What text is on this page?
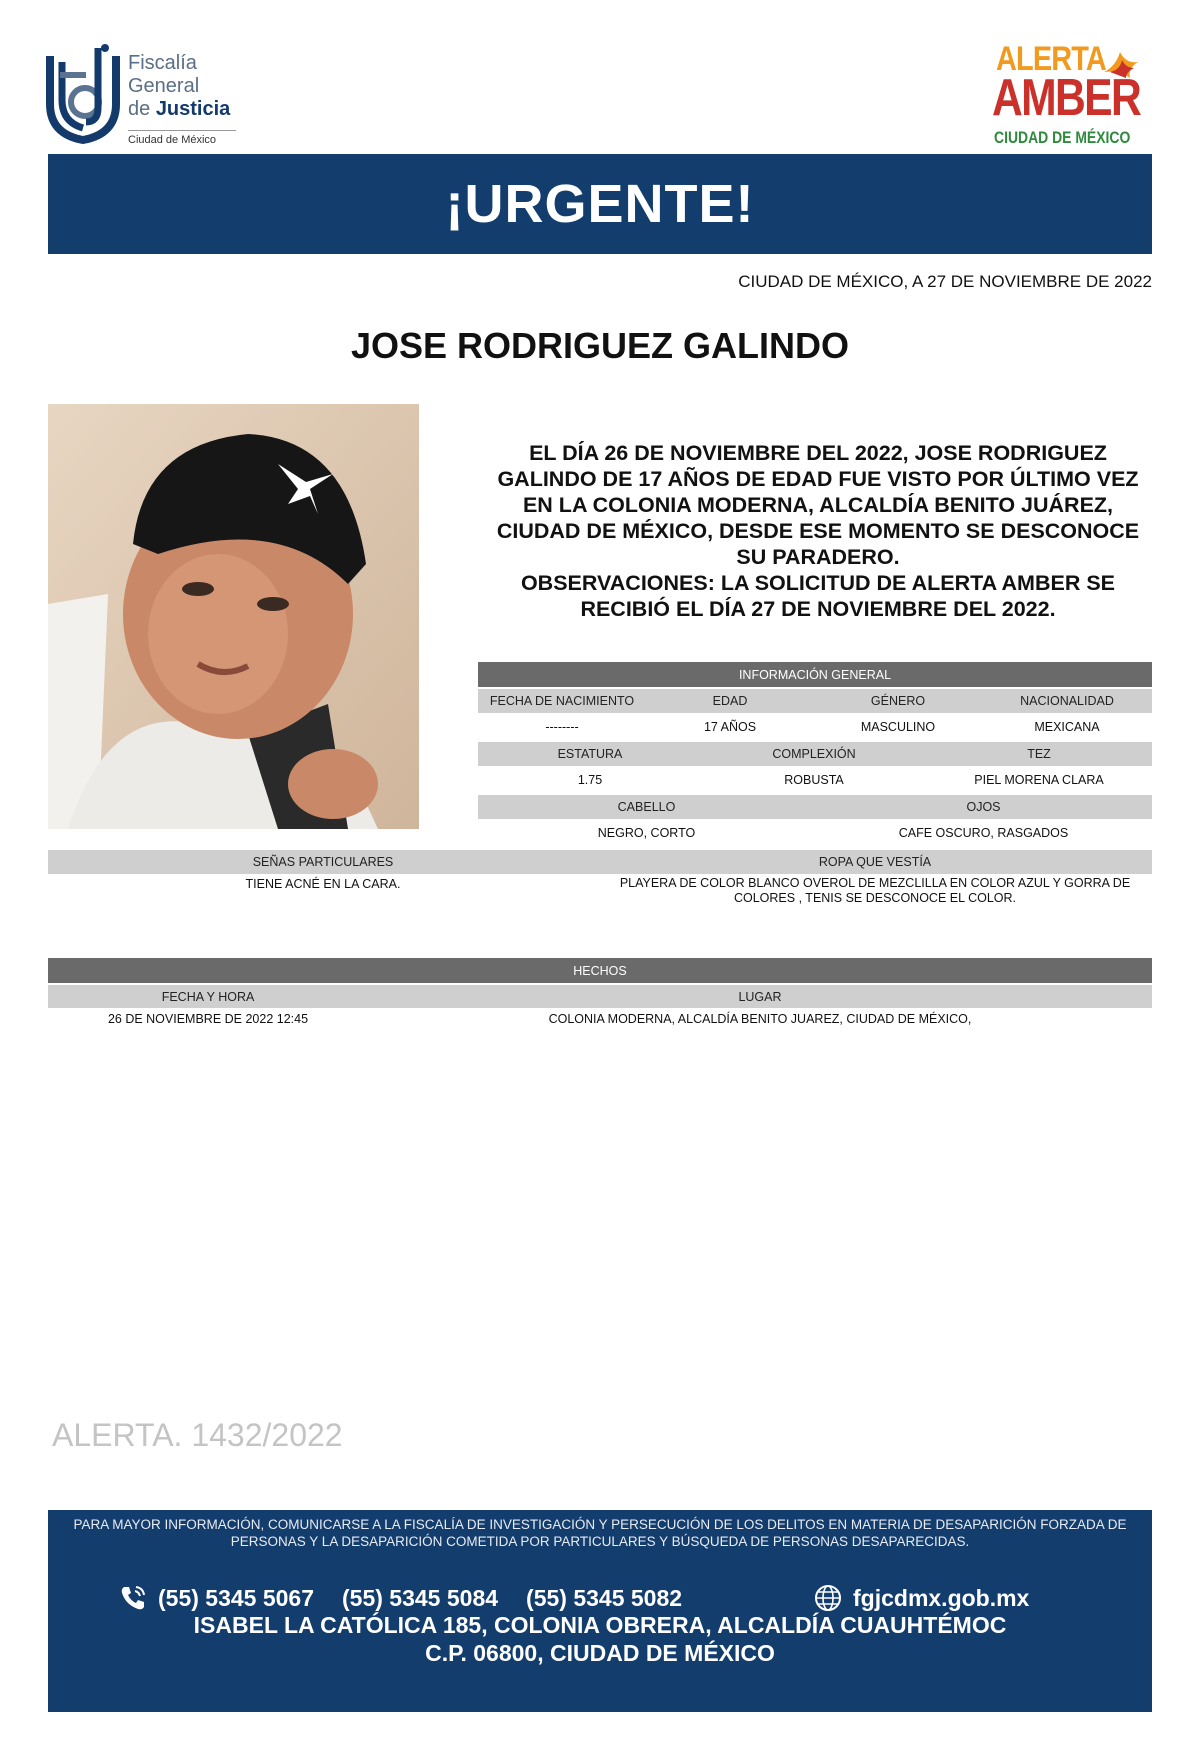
Fiscalía
General
de Justicia
Ciudad de México
ALERTA
AMBER
CIUDAD DE MÉXICO
¡URGENTE!
CIUDAD DE MÉXICO, A 27 DE NOVIEMBRE DE 2022
JOSE RODRIGUEZ GALINDO

EL DÍA 26 DE NOVIEMBRE DEL 2022, JOSE RODRIGUEZ GALINDO DE 17 AÑOS DE EDAD FUE VISTO POR ÚLTIMO VEZ EN LA COLONIA MODERNA, ALCALDÍA BENITO JUÁREZ, CIUDAD DE MÉXICO, DESDE ESE MOMENTO SE DESCONOCE SU PARADERO.

OBSERVACIONES: LA SOLICITUD DE ALERTA AMBER SE RECIBIÓ EL DÍA 27 DE NOVIEMBRE DEL 2022.

INFORMACIÓN GENERAL
FECHA DE NACIMIENTO	EDAD	GÉNERO	NACIONALIDAD
--------	17 AÑOS	MASCULINO	MEXICANA
ESTATURA	COMPLEXIÓN	TEZ
1.75	ROBUSTA	PIEL MORENA CLARA
CABELLO	OJOS
NEGRO, CORTO	CAFE OSCURO, RASGADOS
SEÑAS PARTICULARES	ROPA QUE VESTÍA
TIENE ACNÉ EN LA CARA.	PLAYERA DE COLOR BLANCO OVEROL DE MEZCLILLA EN COLOR AZUL Y GORRA DE COLORES , TENIS SE DESCONOCE EL COLOR.
HECHOS
FECHA Y HORA	LUGAR
26 DE NOVIEMBRE DE 2022 12:45	COLONIA MODERNA, ALCALDÍA BENITO JUAREZ, CIUDAD DE MÉXICO,
ALERTA. 1432/2022
PARA MAYOR INFORMACIÓN, COMUNICARSE A LA FISCALÍA DE INVESTIGACIÓN Y PERSECUCIÓN DE LOS DELITOS EN MATERIA DE DESAPARICIÓN FORZADA DE PERSONAS Y LA DESAPARICIÓN COMETIDA POR PARTICULARES Y BÚSQUEDA DE PERSONAS DESAPARECIDAS.
(55) 5345 5067 (55) 5345 5084 (55) 5345 5082	fgjcdmx.gob.mx
ISABEL LA CATÓLICA 185, COLONIA OBRERA, ALCALDÍA CUAUHTÉMOC
C.P. 06800, CIUDAD DE MÉXICO
